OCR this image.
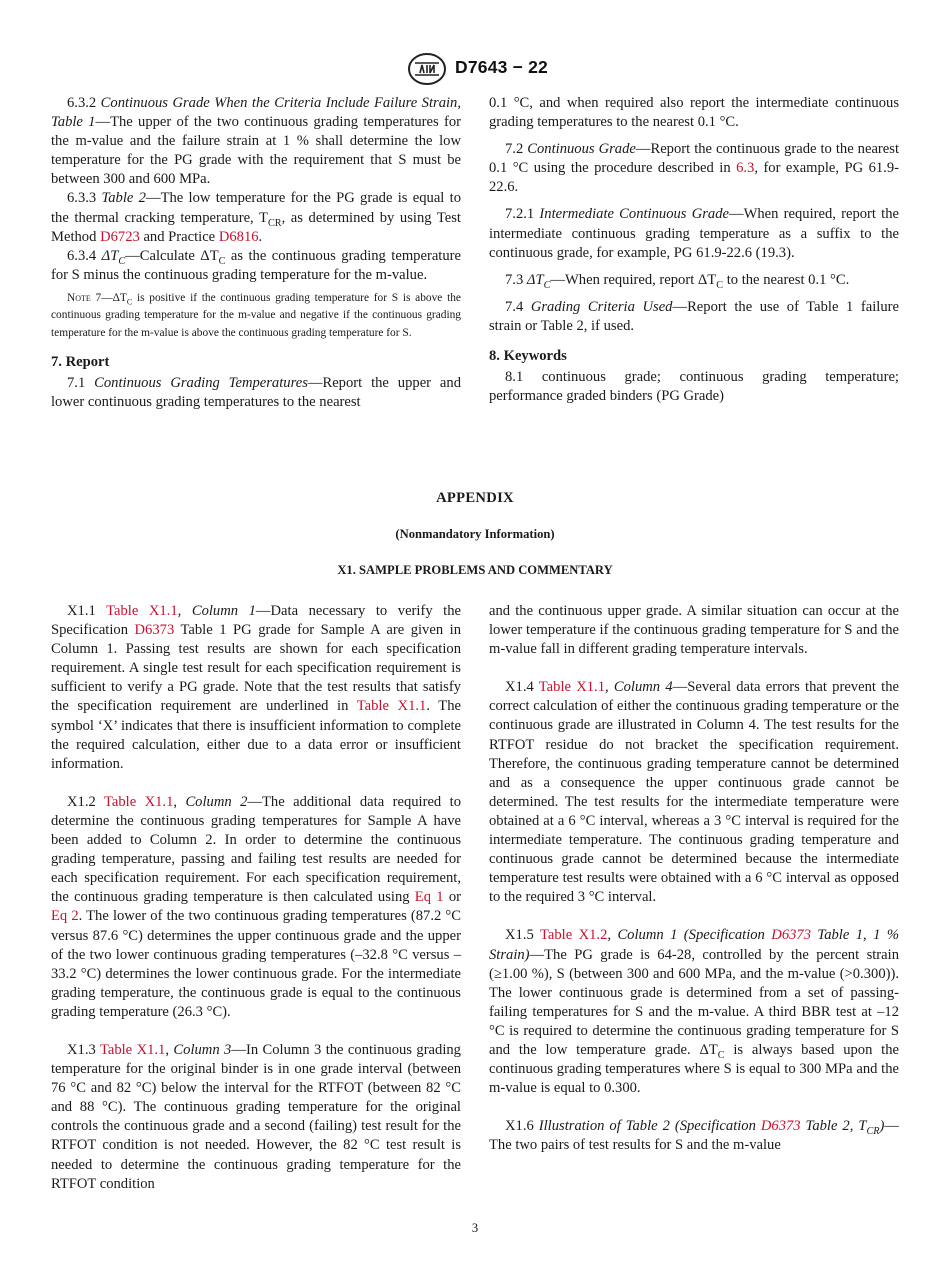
D7643 − 22

6.3.2 Continuous Grade When the Criteria Include Failure Strain, Table 1—The upper of the two continuous grading temperatures for the m-value and the failure strain at 1 % shall determine the low temperature for the PG grade with the requirement that S must be between 300 and 600 MPa.

6.3.3 Table 2—The low temperature for the PG grade is equal to the thermal cracking temperature, $T_{CR}$, as determined by using Test Method D6723 and Practice D6816.

6.3.4 $\Delta T_C—Calculate$ $\Delta T_C$ as the continuous grading temperature for S minus the continuous grading temperature for the m-value.

Note $7—\Delta T_C$ is positive if the continuous grading temperature for S is above the continuous grading temperature for the m-value and negative if the continuous grading temperature for the m-value is above the continuous grading temperature for S.

7. Report

7.1 Continuous Grading Temperatures—Report the upper and lower continuous grading temperatures to the nearest

0.1 °C, and when required also report the intermediate continuous grading temperatures to the nearest 0.1 °C.

7.2 Continuous Grade—Report the continuous grade to the nearest 0.1 °C using the procedure described in 6.3, for example, PG 61.9-22.6.

7.2.1 Intermediate Continuous Grade—When required, report the intermediate continuous grading temperature as a suffix to the continuous grade, for example, PG 61.9-22.6 (19.3).

7.3 $\Delta T_C—When$ required, report $\Delta T_C$ to the nearest 0.1 °C.

7.4 Grading Criteria Used—Report the use of Table 1 failure strain or Table 2, if used.

8. Keywords

8.1 continuous grade; continuous grading temperature; performance graded binders (PG Grade)

APPENDIX
(Nonmandatory Information)
X1. SAMPLE PROBLEMS AND COMMENTARY

X1.1 Table X1.1, Column 1—Data necessary to verify the Specification D6373 Table 1 PG grade for Sample A are given in Column 1. Passing test results are shown for each specification requirement. A single test result for each specification requirement is sufficient to verify a PG grade. Note that the test results that satisfy the specification requirement are underlined in Table X1.1. The symbol ‘X’ indicates that there is insufficient information to complete the required calculation, either due to a data error or insufficient information.

X1.2 Table X1.1, Column 2—The additional data required to determine the continuous grading temperatures for Sample A have been added to Column 2. In order to determine the continuous grading temperature, passing and failing test results are needed for each specification requirement. For each specification requirement, the continuous grading temperature is then calculated using Eq 1 or Eq 2. The lower of the two continuous grading temperatures (87.2 °C versus 87.6 °C) determines the upper continuous grade and the upper of the two lower continuous grading temperatures (–32.8 °C versus –33.2 °C) determines the lower continuous grade. For the intermediate grading temperature, the continuous grade is equal to the continuous grading temperature (26.3 °C).

X1.3 Table X1.1, Column 3—In Column 3 the continuous grading temperature for the original binder is in one grade interval (between 76 °C and 82 °C) below the interval for the RTFOT (between 82 °C and 88 °C). The continuous grading temperature for the original controls the continuous grade and a second (failing) test result for the RTFOT condition is not needed. However, the 82 °C test result is needed to determine the continuous grading temperature for the RTFOT condition

and the continuous upper grade. A similar situation can occur at the lower temperature if the continuous grading temperature for S and the m-value fall in different grading temperature intervals.

X1.4 Table X1.1, Column 4—Several data errors that prevent the correct calculation of either the continuous grading temperature or the continuous grade are illustrated in Column 4. The test results for the RTFOT residue do not bracket the specification requirement. Therefore, the continuous grading temperature cannot be determined and as a consequence the upper continuous grade cannot be determined. The test results for the intermediate temperature were obtained at a 6 °C interval, whereas a 3 °C interval is required for the intermediate temperature. The continuous grading temperature and continuous grade cannot be determined because the intermediate temperature test results were obtained with a 6 °C interval as opposed to the required 3 °C interval.

X1.5 Table X1.2, Column 1 (Specification D6373 Table 1, 1 % Strain)—The PG grade is 64-28, controlled by the percent strain (≥1.00 %), S (between 300 and 600 MPa, and the m-value (>0.300)). The lower continuous grade is determined from a set of passing-failing temperatures for S and the m-value. A third BBR test at –12 °C is required to determine the continuous grading temperature for S and the low temperature grade. $\Delta T_C$ is always based upon the continuous grading temperatures where S is equal to 300 MPa and the m-value is equal to 0.300.

X1.6 Illustration of Table 2 (Specification D6373 Table 2, $T_{CR})—The$ two pairs of test results for S and the m-value

3
